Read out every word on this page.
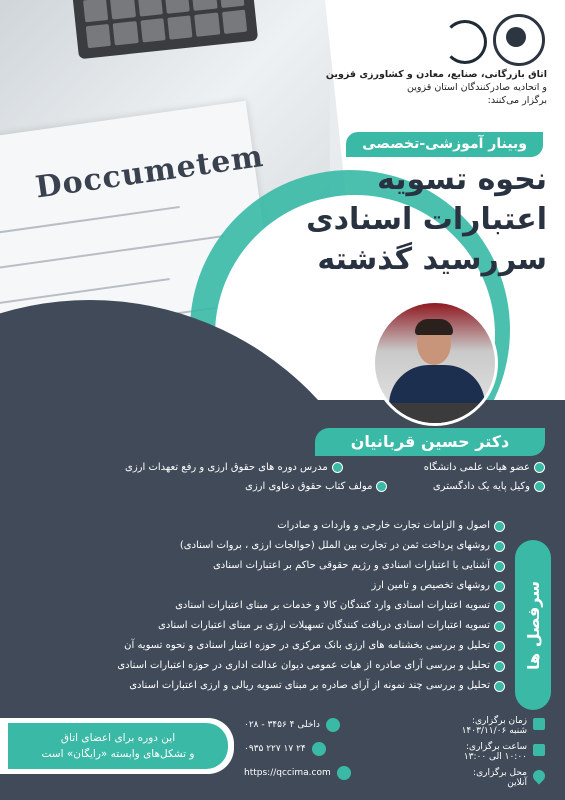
Doccumetem
اتاق بازرگانی، صنایع، معادن و کشاورزی قزوین
و اتحادیه صادرکنندگان استان قزوین
برگزار می‌کنند:
وبینار آموزشی-تخصصی
نحوه تسویه
اعتبارات اسنادی
سررسید گذشته
دکتر حسین قربانیان
عضو هیات علمی دانشگاه
مدرس دوره های حقوق ارزی و رفع تعهدات ارزی
وکیل پایه یک دادگستری
مولف کتاب حقوق دعاوی ارزی
اصول و الزامات تجارت خارجی و واردات و صادرات
روشهای پرداخت ثمن در تجارت بین الملل (حوالجات ارزی ، بروات اسنادی)
آشنایی با اعتبارات اسنادی و رژیم حقوقی حاکم بر اعتبارات اسنادی
روشهای تخصیص و تامین ارز
تسویه اعتبارات اسنادی وارد کنندگان کالا و خدمات بر مبنای اعتبارات اسنادی
تسویه اعتبارات اسنادی دریافت کنندگان تسهیلات ارزی بر مبنای اعتبارات اسنادی
تحلیل و بررسی بخشنامه های ارزی بانک مرکزی در حوزه اعتبار اسنادی و نحوه تسویه آن
تحلیل و بررسی آرای صادره از هیات عمومی دیوان عدالت اداری در حوزه اعتبارات اسنادی
تحلیل و بررسی چند نمونه از آرای صادره بر مبنای تسویه ریالی و ارزی اعتبارات اسنادی
سرفصل ها
زمان برگزاری:
شنبه ۱۴۰۳/۱۱/۰۶
ساعت برگزاری:
۱۰:۰۰ الی ۱۳:۰۰
محل برگزاری:
آنلاین
۰۲۸ - ۳۴۵۶ داخلی ۴
۰۹۳۵ ۲۲۷ ۱۷ ۲۴
https://qccima.com
این دوره برای اعضای اتاق
و تشکل‌های وابسته «رایگان» است
